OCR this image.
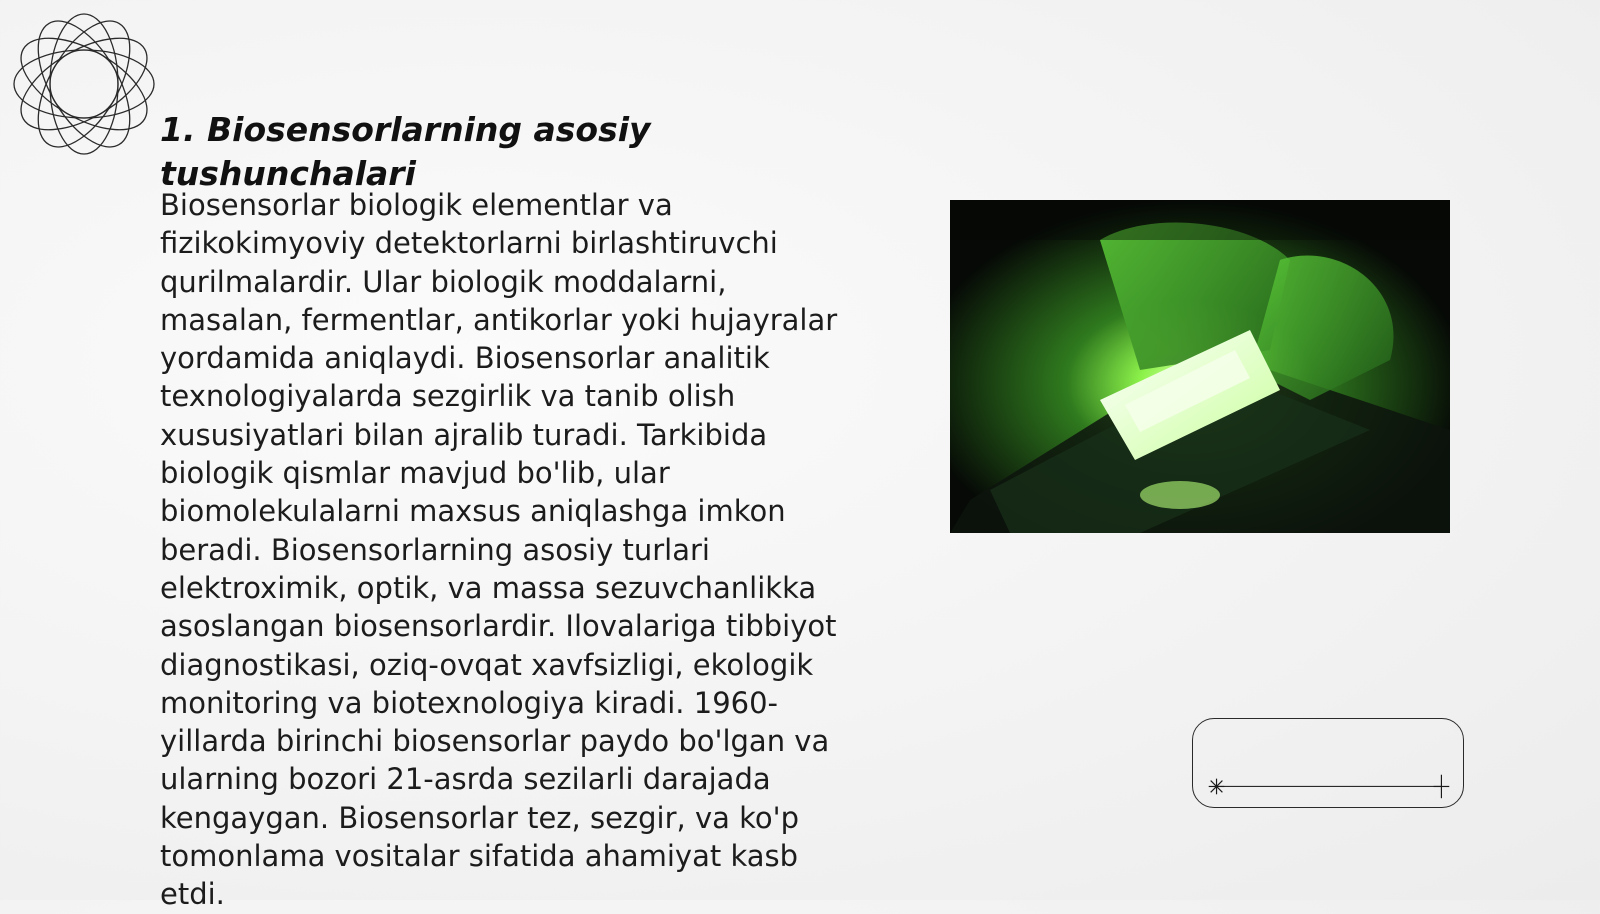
1. Biosensorlarning asosiy tushunchalari

Biosensorlar biologik elementlar va fizikokimyoviy detektorlarni birlashtiruvchi qurilmalardir. Ular biologik moddalarni, masalan, fermentlar, antikorlar yoki hujayralar yordamida aniqlaydi. Biosensorlar analitik texnologiyalarda sezgirlik va tanib olish xususiyatlari bilan ajralib turadi. Tarkibida biologik qismlar mavjud bo'lib, ular biomolekulalarni maxsus aniqlashga imkon beradi. Biosensorlarning asosiy turlari elektroximik, optik, va massa sezuvchanlikka asoslangan biosensorlardir. Ilovalariga tibbiyot diagnostikasi, oziq-ovqat xavfsizligi, ekologik monitoring va biotexnologiya kiradi. 1960-yillarda birinchi biosensorlar paydo bo'lgan va ularning bozori 21-asrda sezilarli darajada kengaygan. Biosensorlar tez, sezgir, va ko'p tomonlama vositalar sifatida ahamiyat kasb etdi.
